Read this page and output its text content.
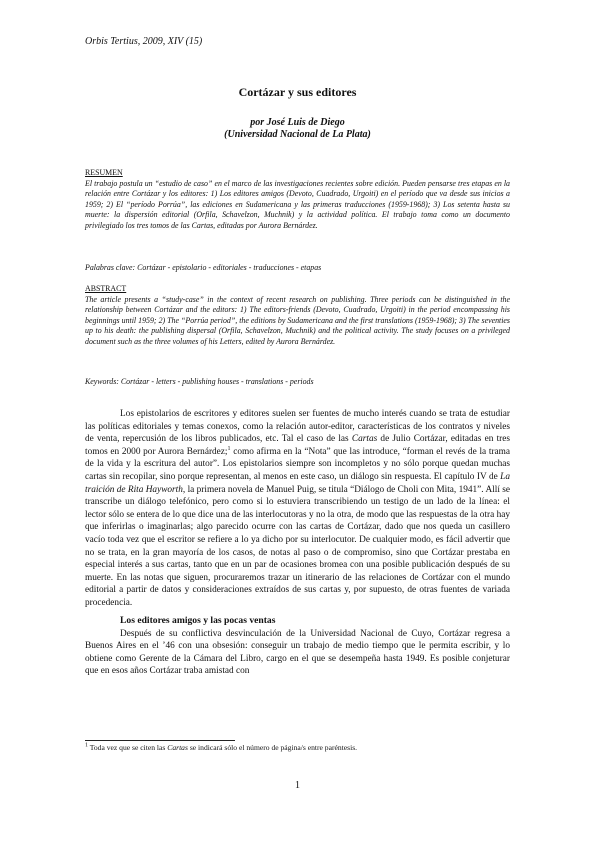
Orbis Tertius, 2009, XIV (15)
Cortázar y sus editores
por José Luis de Diego
(Universidad Nacional de La Plata)
RESUMEN
El trabajo postula un “estudio de caso” en el marco de las investigaciones recientes sobre edición. Pueden pensarse tres etapas en la relación entre Cortázar y los editores: 1) Los editores amigos (Devoto, Cuadrado, Urgoiti) en el período que va desde sus inicios a 1959; 2) El “período Porrúa”, las ediciones en Sudamericana y las primeras traducciones (1959-1968); 3) Los setenta hasta su muerte: la dispersión editorial (Orfila, Schavelzon, Muchnik) y la actividad política. El trabajo toma como un documento privilegiado los tres tomos de las Cartas, editadas por Aurora Bernárdez.
Palabras clave: Cortázar - epistolario - editoriales - traducciones - etapas
ABSTRACT
The article presents a “study-case” in the context of recent research on publishing. Three periods can be distinguished in the relationship between Cortázar and the editors: 1) The editors-friends (Devoto, Cuadrado, Urgoiti) in the period encompassing his beginnings until 1959; 2) The “Porrúa period”, the editions by Sudamericana and the first translations (1959-1968); 3) The seventies up to his death: the publishing dispersal (Orfila, Schavelzon, Muchnik) and the political activity. The study focuses on a privileged document such as the three volumes of his Letters, edited by Aurora Bernárdez.
Keywords: Cortázar - letters - publishing houses - translations - periods

Los epistolarios de escritores y editores suelen ser fuentes de mucho interés cuando se trata de estudiar las políticas editoriales y temas conexos, como la relación autor-editor, características de los contratos y niveles de venta, repercusión de los libros publicados, etc. Tal el caso de las Cartas de Julio Cortázar, editadas en tres tomos en 2000 por Aurora Bernárdez;$^1$ como afirma en la “Nota” que las introduce, “forman el revés de la trama de la vida y la escritura del autor”. Los epistolarios siempre son incompletos y no sólo porque quedan muchas cartas sin recopilar, sino porque representan, al menos en este caso, un diálogo sin respuesta. El capítulo IV de La traición de Rita Hayworth, la primera novela de Manuel Puig, se titula “Diálogo de Choli con Mita, 1941”. Allí se transcribe un diálogo telefónico, pero como si lo estuviera transcribiendo un testigo de un lado de la línea: el lector sólo se entera de lo que dice una de las interlocutoras y no la otra, de modo que las respuestas de la otra hay que inferirlas o imaginarlas; algo parecido ocurre con las cartas de Cortázar, dado que nos queda un casillero vacío toda vez que el escritor se refiere a lo ya dicho por su interlocutor. De cualquier modo, es fácil advertir que no se trata, en la gran mayoría de los casos, de notas al paso o de compromiso, sino que Cortázar prestaba en especial interés a sus cartas, tanto que en un par de ocasiones bromea con una posible publicación después de su muerte. En las notas que siguen, procuraremos trazar un itinerario de las relaciones de Cortázar con el mundo editorial a partir de datos y consideraciones extraídos de sus cartas y, por supuesto, de otras fuentes de variada procedencia.

Los editores amigos y las pocas ventas

Después de su conflictiva desvinculación de la Universidad Nacional de Cuyo, Cortázar regresa a Buenos Aires en el ’46 con una obsesión: conseguir un trabajo de medio tiempo que le permita escribir, y lo obtiene como Gerente de la Cámara del Libro, cargo en el que se desempeña hasta 1949. Es posible conjeturar que en esos años Cortázar traba amistad con

$^1$ Toda vez que se citen las Cartas se indicará sólo el número de página/s entre paréntesis.
1
